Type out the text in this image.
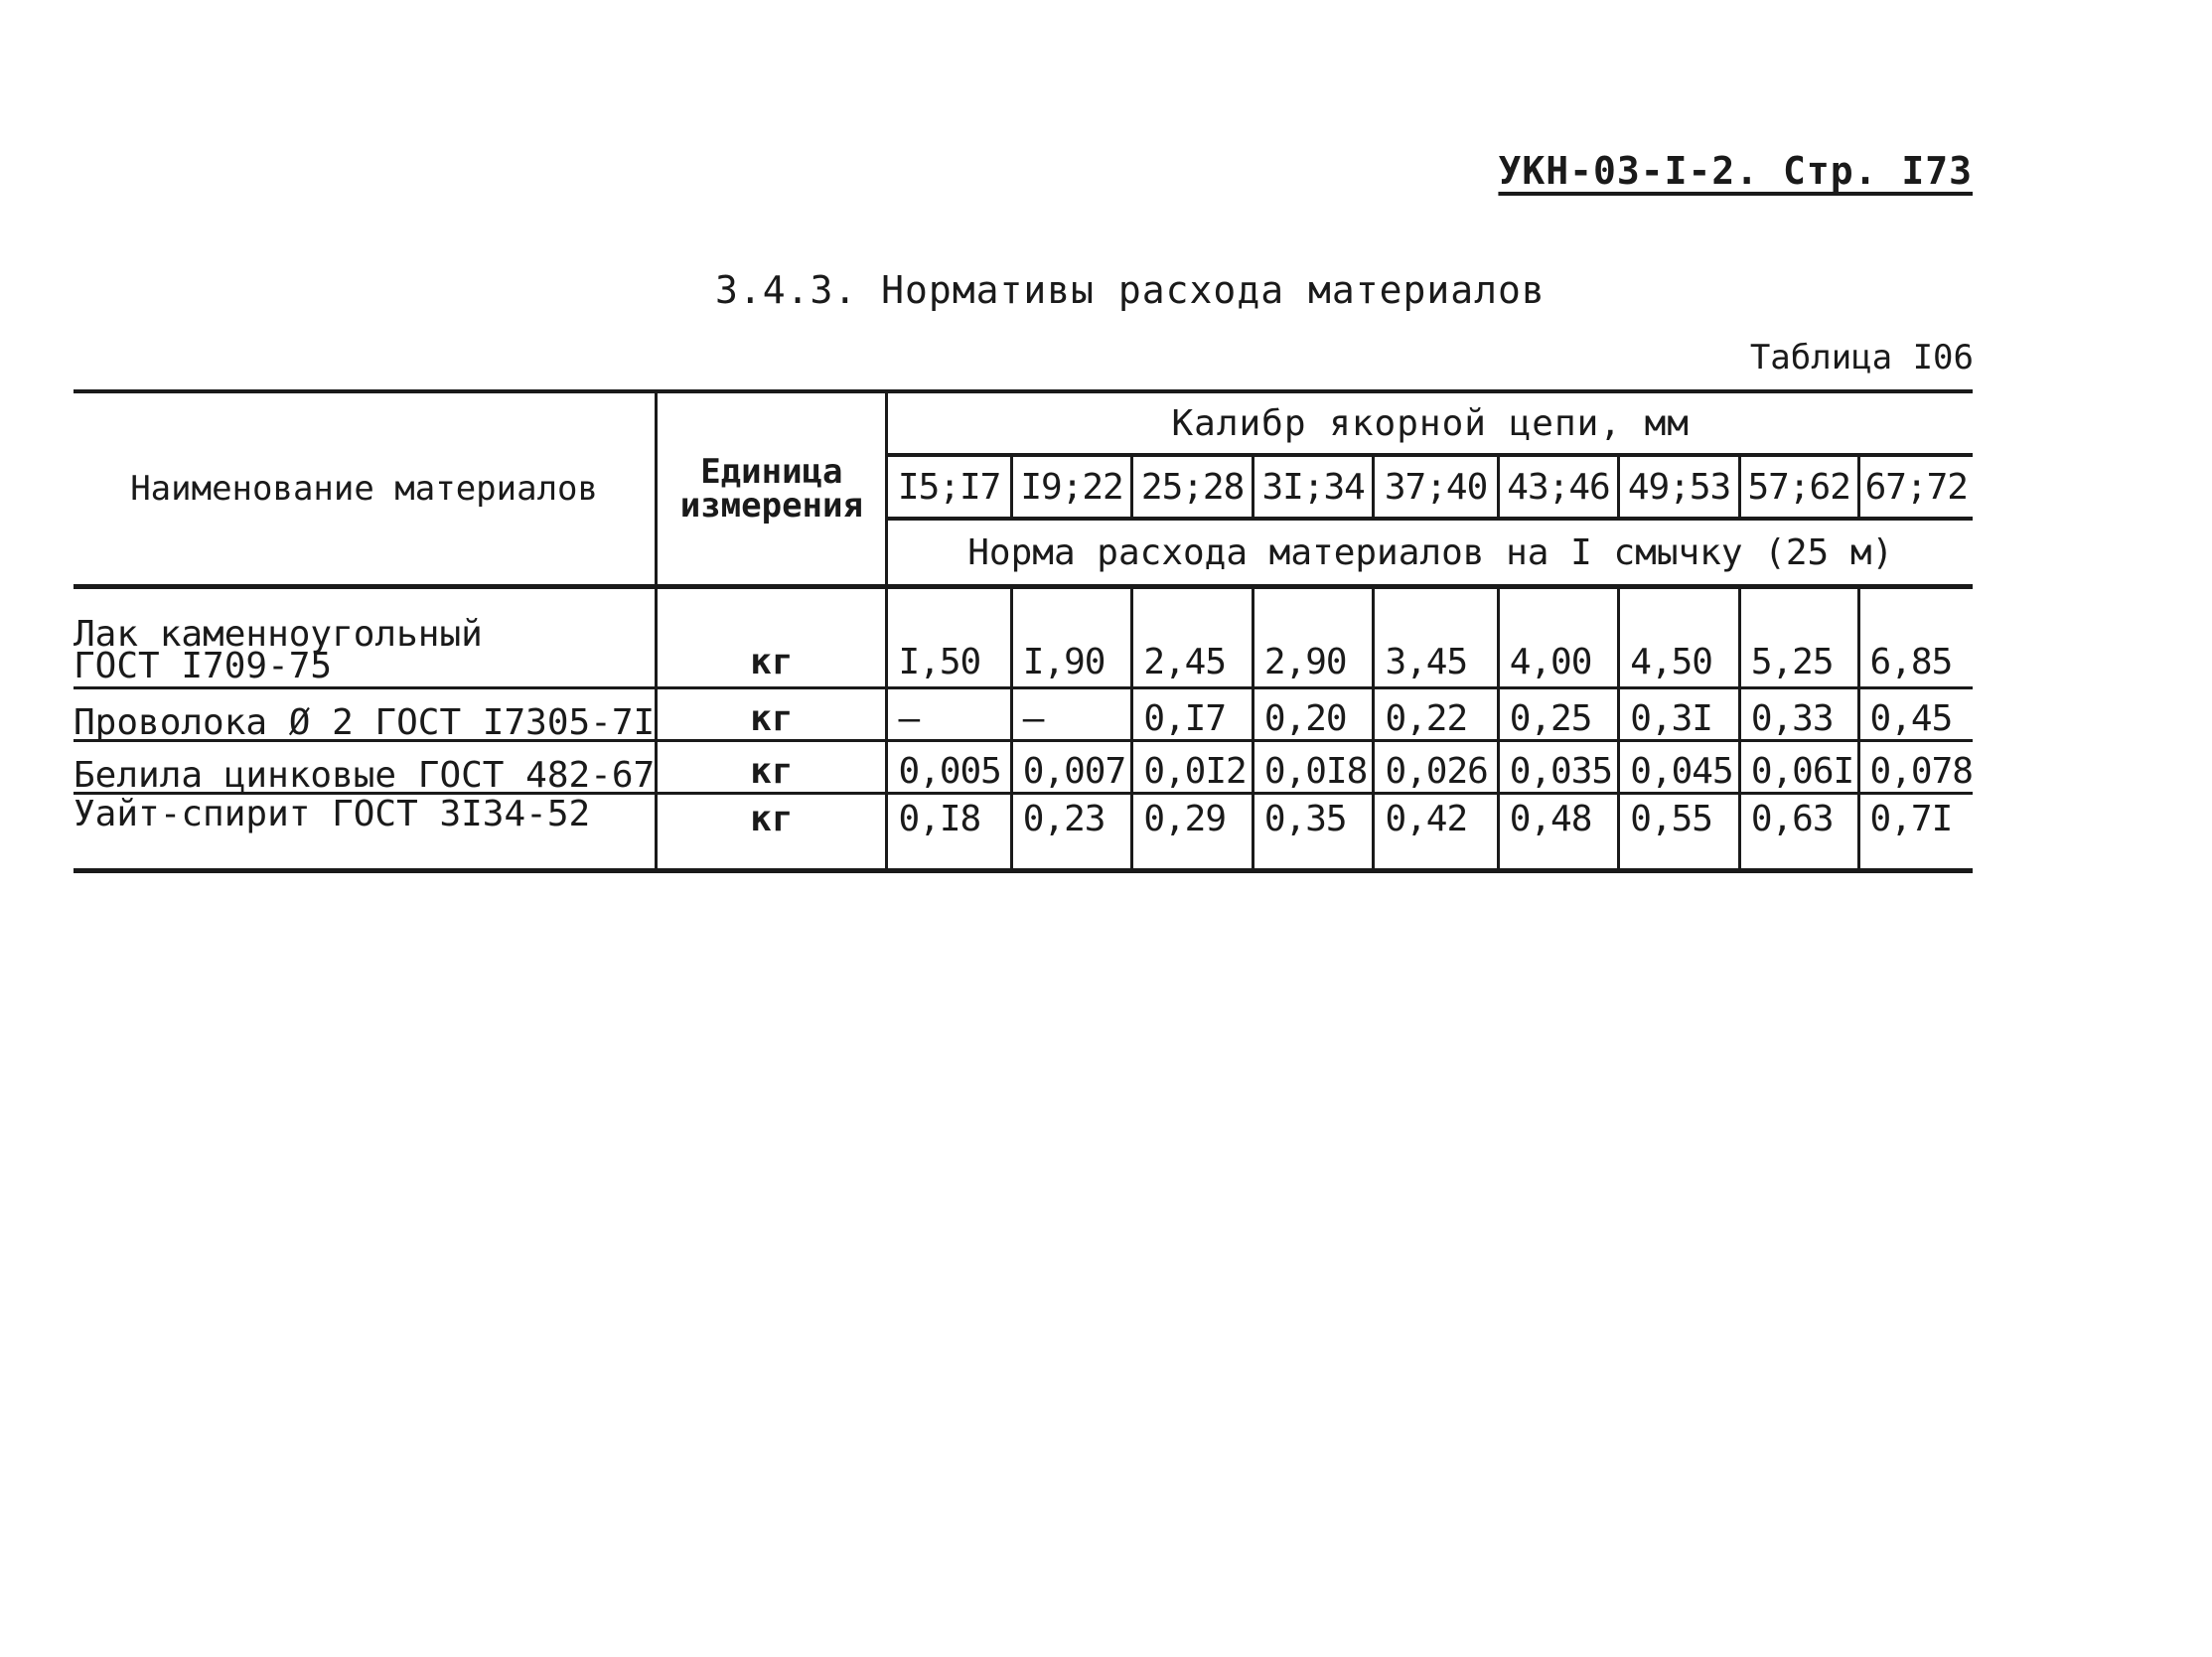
УКН-03-I-2. Стр. I73
3.4.3. Нормативы расхода материалов
Таблица I06
Наименование материалов	Единица измерения	Калибр якорной цепи, мм								
		I5;I7	I9;22	25;28	3I;34	37;40	43;46	49;53	57;62	67;72
		Норма расхода материалов на I смычку (25 м)								

Лак каменноугольный
ГОСТ I709-75	кг	I,50	I,90	2,45	2,90	3,45	4,00	4,50	5,25	6,85
Проволока Ø 2 ГОСТ I7305-7I	кг	–	–	0,I7	0,20	0,22	0,25	0,3I	0,33	0,45
Белила цинковые ГОСТ 482-67	кг	0,005	0,007	0,0I2	0,0I8	0,026	0,035	0,045	0,06I	0,078
Уайт-спирит ГОСТ 3I34-52	кг	0,I8	0,23	0,29	0,35	0,42	0,48	0,55	0,63	0,7I
